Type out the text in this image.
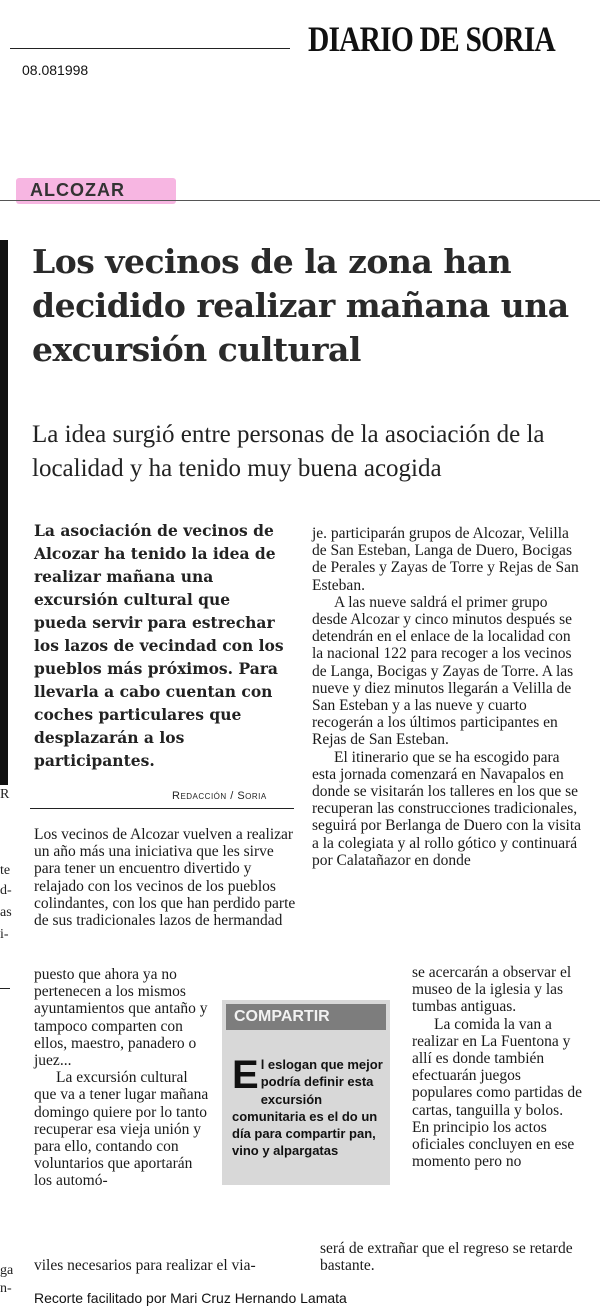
DIARIO DE SORIA
08.081998
ALCOZAR
Los vecinos de la zona han decidido realizar mañana una excursión cultural
La idea surgió entre personas de la asociación de la localidad y ha tenido muy buena acogida
La asociación de vecinos de Alcozar ha tenido la idea de realizar mañana una excursión cultural que pueda servir para estrechar los lazos de vecindad con los pueblos más próximos. Para llevarla a cabo cuentan con coches particulares que desplazarán a los participantes.
Redacción / Soria

Los vecinos de Alcozar vuelven a realizar un año más una iniciativa que les sirve para tener un encuentro divertido y relajado con los vecinos de los pueblos colindantes, con los que han perdido parte de sus tradicionales lazos de hermandad

puesto que ahora ya no pertenecen a los mismos ayuntamientos que antaño y tampoco comparten con ellos, maestro, panadero o juez...

La excursión cultural que va a tener lugar mañana domingo quiere por lo tanto recuperar esa vieja unión y para ello, contando con voluntarios que aportarán los automó-

viles necesarios para realizar el via-

je. participarán grupos de Alcozar, Velilla de San Esteban, Langa de Duero, Bocigas de Perales y Zayas de Torre y Rejas de San Esteban.

A las nueve saldrá el primer grupo desde Alcozar y cinco minutos después se detendrán en el enlace de la localidad con la nacional 122 para recoger a los vecinos de Langa, Bocigas y Zayas de Torre. A las nueve y diez minutos llegarán a Velilla de San Esteban y a las nueve y cuarto recogerán a los últimos participantes en Rejas de San Esteban.

El itinerario que se ha escogido para esta jornada comenzará en Navapalos en donde se visitarán los talleres en los que se recuperan las construcciones tradicionales, seguirá por Berlanga de Duero con la visita a la colegiata y al rollo gótico y continuará por Calatañazor en donde

se acercarán a observar el museo de la iglesia y las tumbas antiguas.

La comida la van a realizar en La Fuentona y allí es donde también efectuarán juegos populares como partidas de cartas, tanguilla y bolos. En principio los actos oficiales concluyen en ese momento pero no

será de extrañar que el regreso se retarde bastante.

COMPARTIR
El eslogan que mejor podría definir esta excursión comunitaria es el do un día para compartir pan, vino y alpargatas
R
te
d-
as
i-
ga
n-
Recorte facilitado por Mari Cruz Hernando Lamata
